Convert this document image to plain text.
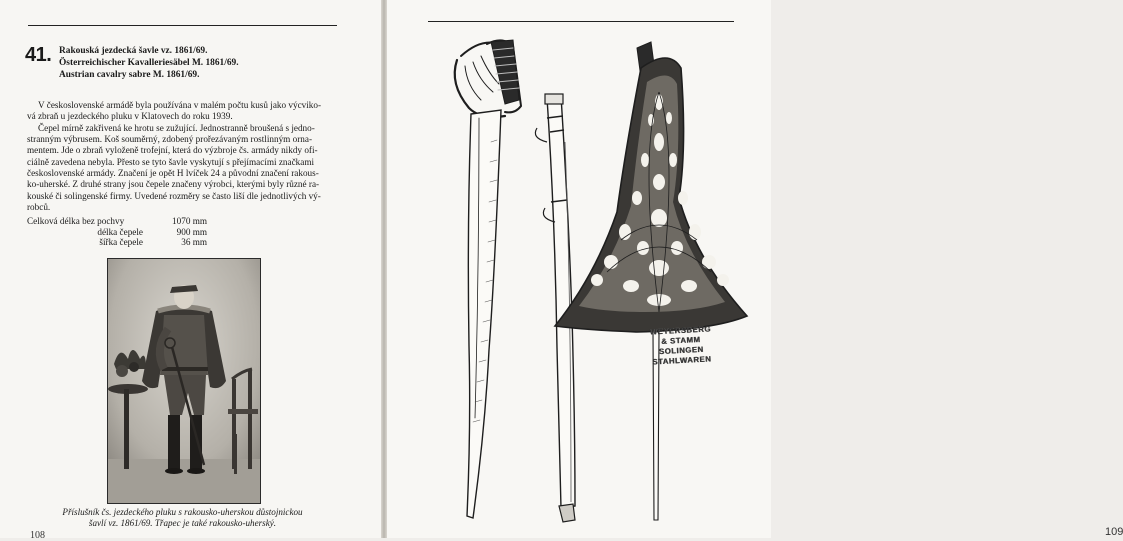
41. Rakouská jezdecká šavle vz. 1861/69.
Österreichischer Kavalleriesäbel M. 1861/69.
Austrian cavalry sabre M. 1861/69.
V československé armádě byla používána v malém počtu kusů jako výcviko-
vá zbraň u jezdeckého pluku v Klatovech do roku 1939.
Čepel mírně zakřivená ke hrotu se zužující. Jednostranně broušená s jedno-
stranným výbrusem. Koš souměrný, zdobený prořezávaným rostlinným orna-
mentem. Jde o zbraň vyloženě trofejní, která do výzbroje čs. armády nikdy ofi-
ciálně zavedena nebyla. Přesto se tyto šavle vyskytují s přejímacími značkami
československé armády. Značení je opět H lvíček 24 a původní značení rakous-
ko-uherské. Z druhé strany jsou čepele značeny výrobci, kterými byly různé ra-
kouské či solingenské firmy. Uvedené rozměry se často liší dle jednotlivých vý-
robců.
Celková délka bez pochvy	1070 mm
délka čepele	900 mm
šířka čepele	36 mm
Příslušník čs. jezdeckého pluku s rakousko-uherskou důstojnickou
šavlí vz. 1861/69. Třapec je také rakousko-uherský.
108	109
WEYERSBERG
& STAMM
SOLINGEN
STAHLWAREN
